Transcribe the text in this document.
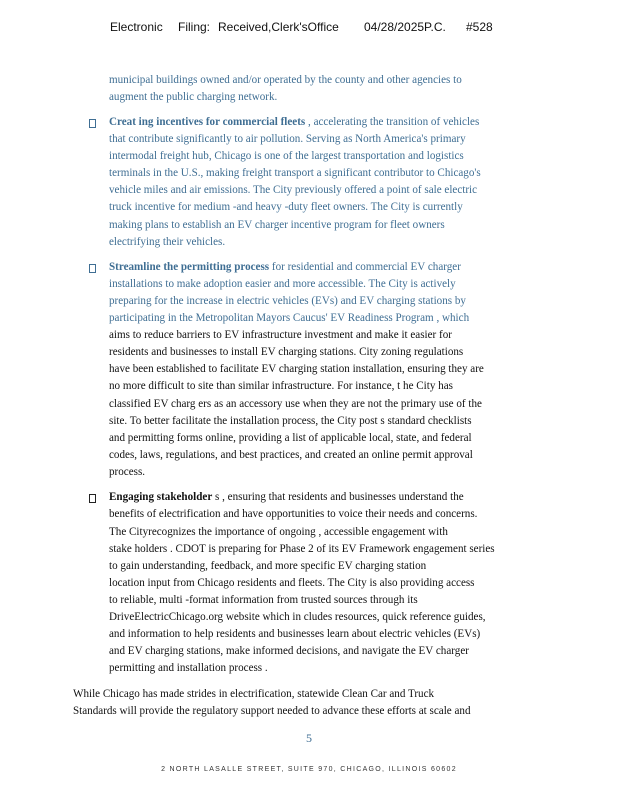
Electronic Filing: Received,Clerk'sOffice 04/28/2025P.C. #528
municipal buildings owned and/or operated by the county and other agencies to
augment the public charging network.
Creat ing incentives for commercial fleets , accelerating the transition of vehicles
that contribute significantly to air pollution. Serving as North America's primary
intermodal freight hub, Chicago is one of the largest transportation and logistics
terminals in the U.S., making freight transport a significant contributor to Chicago's
vehicle miles and air emissions. The City previously offered a point of sale electric
truck incentive for medium -and heavy -duty fleet owners. The City is currently
making plans to establish an EV charger incentive program for fleet owners
electrifying their vehicles.
Streamline the permitting process for residential and commercial EV charger
installations to make adoption easier and more accessible. The City is actively
preparing for the increase in electric vehicles (EVs) and EV charging stations by
participating in the Metropolitan Mayors Caucus' EV Readiness Program , which
aims to reduce barriers to EV infrastructure investment and make it easier for
residents and businesses to install EV charging stations. City zoning regulations
have been established to facilitate EV charging station installation, ensuring they are
no more difficult to site than similar infrastructure. For instance, t he City has
classified EV charg ers as an accessory use when they are not the primary use of the
site. To better facilitate the installation process, the City post s standard checklists
and permitting forms online, providing a list of applicable local, state, and federal
codes, laws, regulations, and best practices, and created an online permit approval
process.
Engaging stakeholder s , ensuring that residents and businesses understand the
benefits of electrification and have opportunities to voice their needs and concerns.
The Cityrecognizes the importance of ongoing , accessible engagement with
stake holders . CDOT is preparing for Phase 2 of its EV Framework engagement series
to gain understanding, feedback, and more specific EV charging station
location input from Chicago residents and fleets. The City is also providing access
to reliable, multi -format information from trusted sources through its
DriveElectricChicago.org website which in cludes resources, quick reference guides,
and information to help residents and businesses learn about electric vehicles (EVs)
and EV charging stations, make informed decisions, and navigate the EV charger
permitting and installation process .
While Chicago has made strides in electrification, statewide Clean Car and Truck
Standards will provide the regulatory support needed to advance these efforts at scale and
5
2 NORTH LASALLE STREET, SUITE 970, CHICAGO, ILLINOIS 60602
